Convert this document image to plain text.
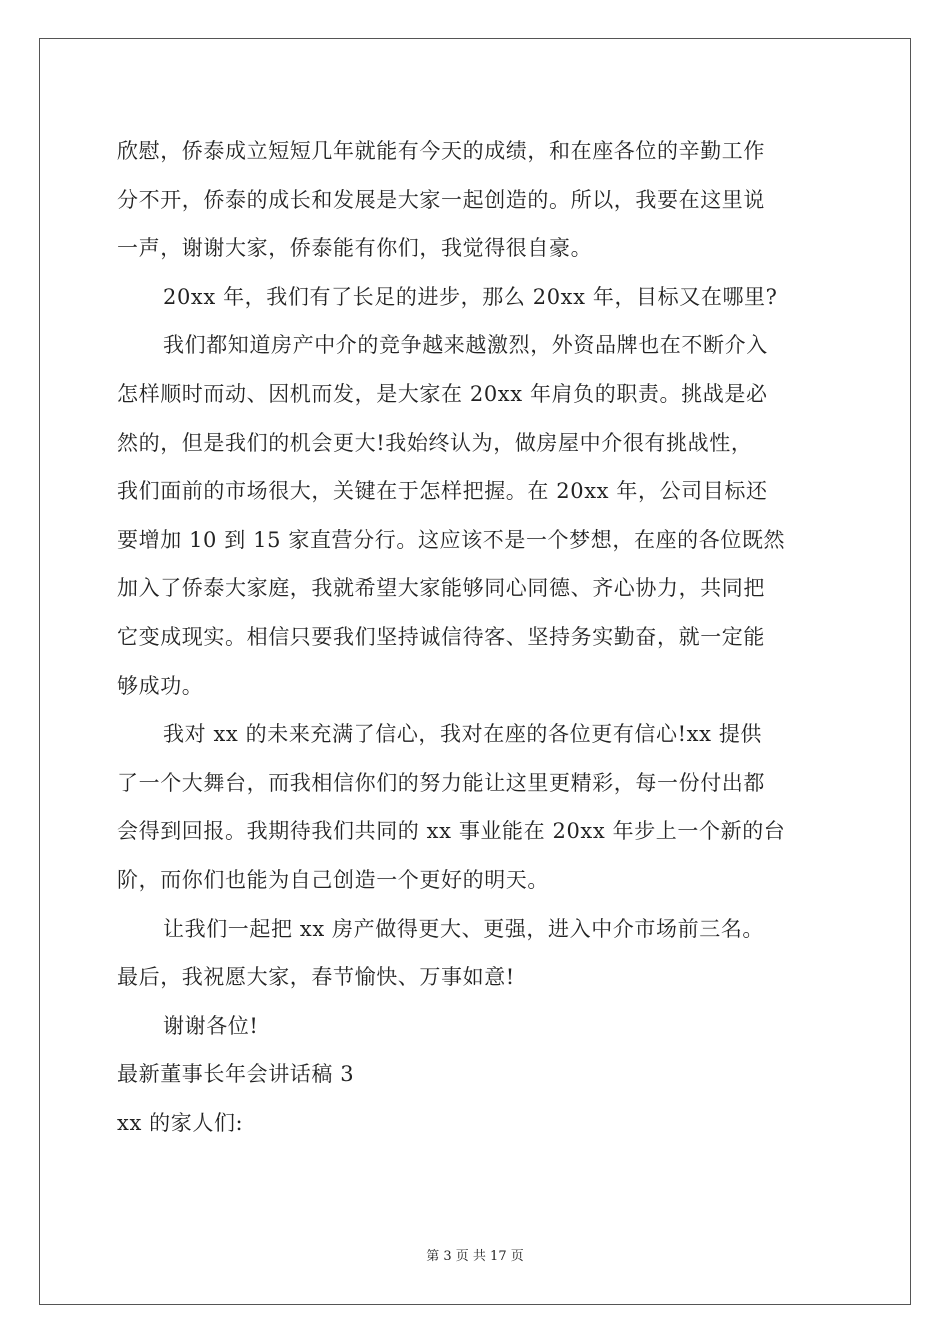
欣慰，侨泰成立短短几年就能有今天的成绩，和在座各位的辛勤工作
分不开，侨泰的成长和发展是大家一起创造的。所以，我要在这里说
一声，谢谢大家，侨泰能有你们，我觉得很自豪。
20xx 年，我们有了长足的进步，那么 20xx 年，目标又在哪里?
我们都知道房产中介的竞争越来越激烈，外资品牌也在不断介入
怎样顺时而动、因机而发，是大家在 20xx 年肩负的职责。挑战是必
然的，但是我们的机会更大!我始终认为，做房屋中介很有挑战性，
我们面前的市场很大，关键在于怎样把握。在 20xx 年，公司目标还
要增加 10 到 15 家直营分行。这应该不是一个梦想，在座的各位既然
加入了侨泰大家庭，我就希望大家能够同心同德、齐心协力，共同把
它变成现实。相信只要我们坚持诚信待客、坚持务实勤奋，就一定能
够成功。
我对 xx 的未来充满了信心，我对在座的各位更有信心!xx 提供
了一个大舞台，而我相信你们的努力能让这里更精彩，每一份付出都
会得到回报。我期待我们共同的 xx 事业能在 20xx 年步上一个新的台
阶，而你们也能为自己创造一个更好的明天。
让我们一起把 xx 房产做得更大、更强，进入中介市场前三名。
最后，我祝愿大家，春节愉快、万事如意!
谢谢各位!
最新董事长年会讲话稿 3
xx 的家人们:
第 3 页 共 17 页
